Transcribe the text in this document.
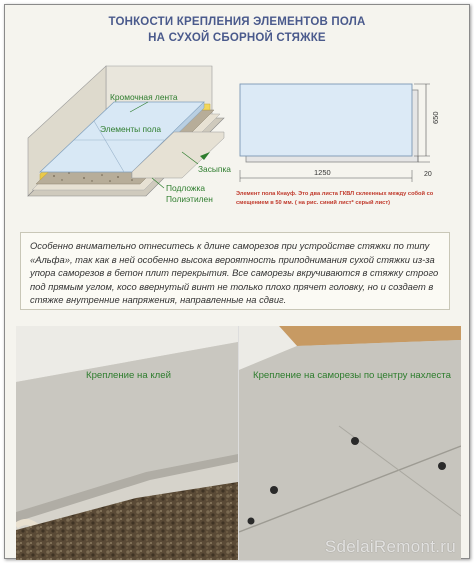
ТОНКОСТИ КРЕПЛЕНИЯ ЭЛЕМЕНТОВ ПОЛА
НА СУХОЙ СБОРНОЙ СТЯЖКЕ
Кромочная лента
Элементы пола
Засыпка
Подложка
Полиэтилен
650
20
1250
Элемент пола Кнауф. Это два листа ГКВЛ склеенных между собой со
смещением в 50 мм. ( на рис. синий лист* серый лист)

Особенно внимательно отнеситесь к длине саморезов при устройстве стяжки по типу «Альфа», так как в ней особенно высока вероятность приподнимания сухой стяжки из-за упора саморезов в бетон плит перекрытия. Все саморезы вкручиваются в стяжку строго под прямым углом, косо ввернутый винт не только плохо прячет головку, но и создает в стяжке внутренние напряжения, направленные на сдвиг.

Крепление на клей	Крепление на саморезы по центру нахлеста
SdelaiRemont.ru
